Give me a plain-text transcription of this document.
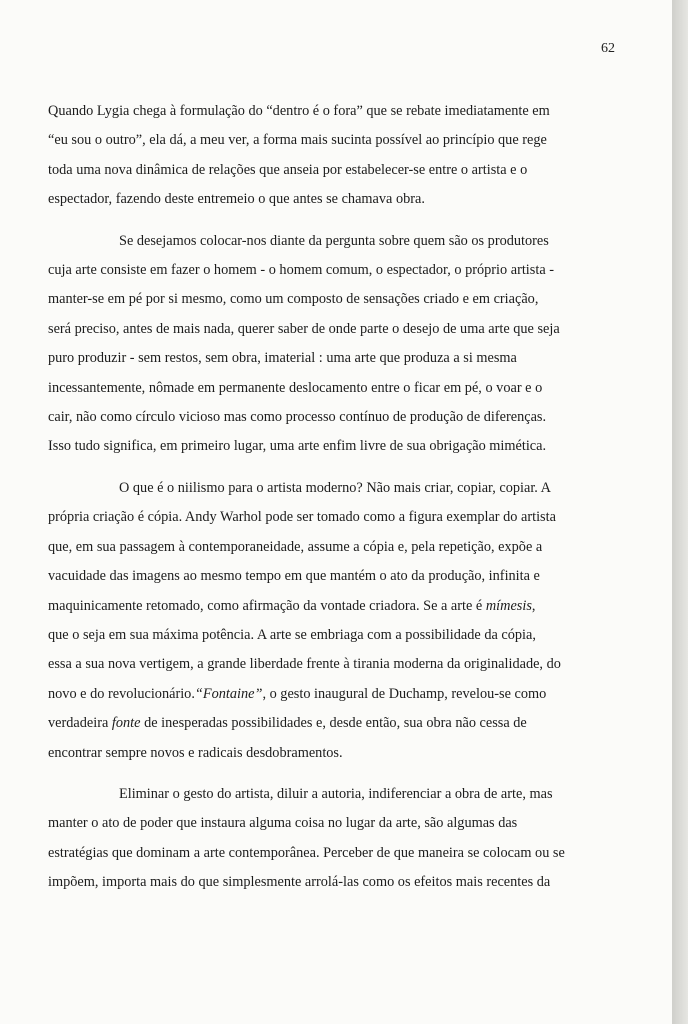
62

Quando Lygia chega à formulação do “dentro é o fora” que se rebate imediatamente em
“eu sou o outro”, ela dá, a meu ver, a forma mais sucinta possível ao princípio que rege
toda uma nova dinâmica de relações que anseia por estabelecer-se entre o artista e o
espectador, fazendo deste entremeio o que antes se chamava obra.

Se desejamos colocar-nos diante da pergunta sobre quem são os produtores
cuja arte consiste em fazer o homem - o homem comum, o espectador, o próprio artista -
manter-se em pé por si mesmo, como um composto de sensações criado e em criação,
será preciso, antes de mais nada, querer saber de onde parte o desejo de uma arte que seja
puro produzir - sem restos, sem obra, imaterial : uma arte que produza a si mesma
incessantemente, nômade em permanente deslocamento entre o ficar em pé, o voar e o
cair, não como círculo vicioso mas como processo contínuo de produção de diferenças.
Isso tudo significa, em primeiro lugar, uma arte enfim livre de sua obrigação mimética.

O que é o niilismo para o artista moderno? Não mais criar, copiar, copiar. A
própria criação é cópia. Andy Warhol pode ser tomado como a figura exemplar do artista
que, em sua passagem à contemporaneidade, assume a cópia e, pela repetição, expõe a
vacuidade das imagens ao mesmo tempo em que mantém o ato da produção, infinita e
maquinicamente retomado, como afirmação da vontade criadora. Se a arte é mímesis,
que o seja em sua máxima potência. A arte se embriaga com a possibilidade da cópia,
essa a sua nova vertigem, a grande liberdade frente à tirania moderna da originalidade, do
novo e do revolucionário.“Fontaine”, o gesto inaugural de Duchamp, revelou-se como
verdadeira fonte de inesperadas possibilidades e, desde então, sua obra não cessa de
encontrar sempre novos e radicais desdobramentos.

Eliminar o gesto do artista, diluir a autoria, indiferenciar a obra de arte, mas
manter o ato de poder que instaura alguma coisa no lugar da arte, são algumas das
estratégias que dominam a arte contemporânea. Perceber de que maneira se colocam ou se
impõem, importa mais do que simplesmente arrolá-las como os efeitos mais recentes da
